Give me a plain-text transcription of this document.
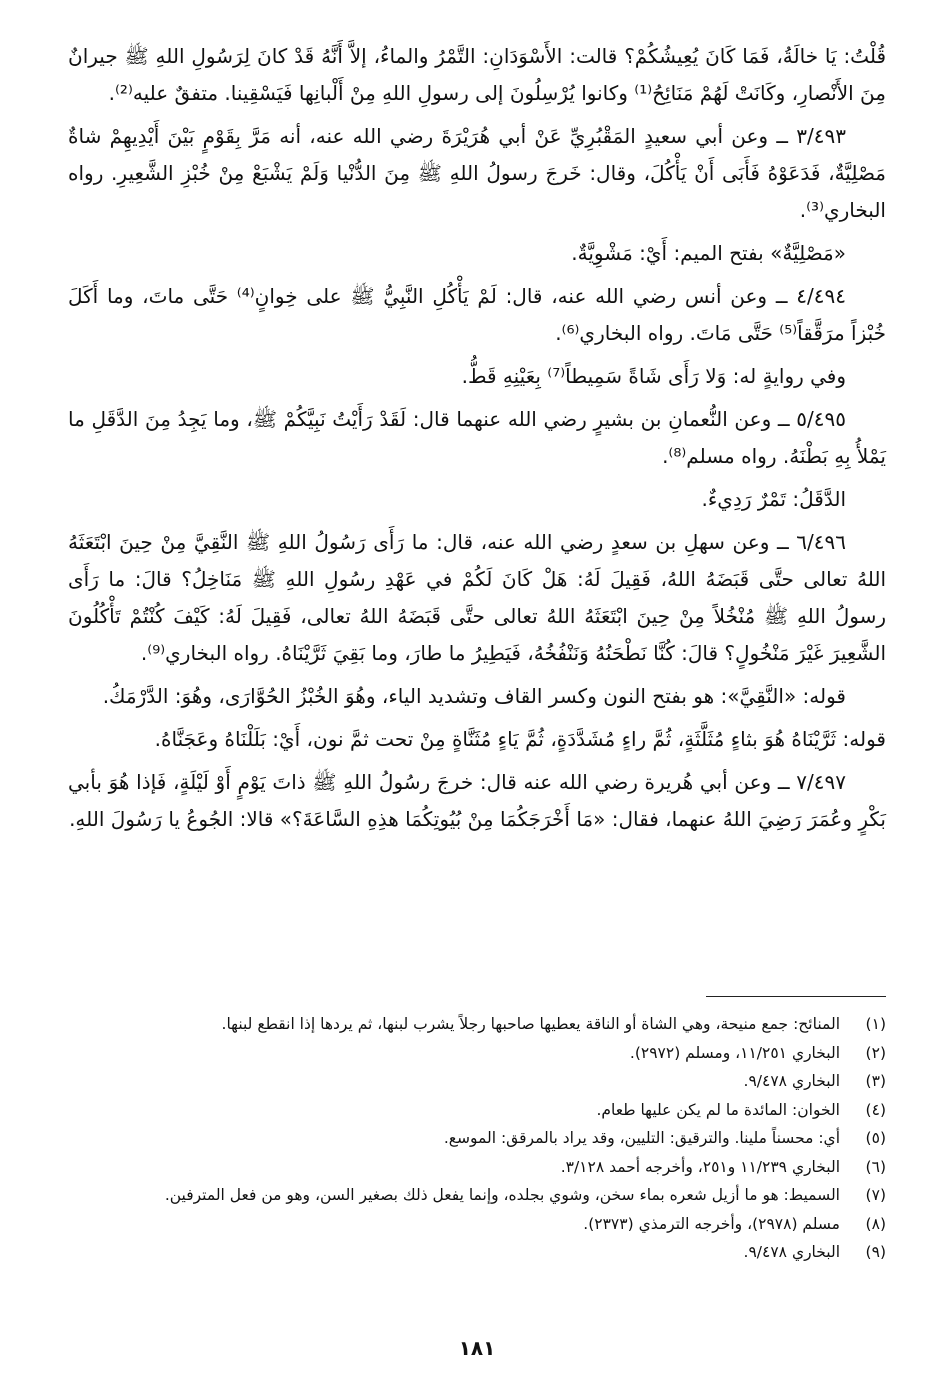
قُلْتُ: يَا خالَةُ، فَمَا كَانَ يُعِيشُكُمْ؟ قالت: الأَسْوَدَانِ: التَّمْرُ والماءُ، إلاَّ أَنَّهُ قَدْ كانَ لِرَسُولِ اللهِ ﷺ جيرانٌ مِنَ الأَنْصارِ، وكَانَتْ لَهُمْ مَنَائِحُ⁽¹⁾ وكانوا يُرْسِلُونَ إلى رسولِ اللهِ مِنْ أَلْبانِها فَيَسْقِينا. متفقٌ عليه⁽²⁾.

٣/٤٩٣ ــ وعن أبي سعيدٍ المَقْبُرِيِّ عَنْ أبي هُرَيْرَةَ رضي الله عنه، أنه مَرَّ بِقَوْمٍ بَيْنَ أَيْدِيهِمْ شاةٌ مَصْلِيَّةٌ، فَدَعَوْهُ فَأَبَى أَنْ يَأْكُلَ، وقال: خَرجَ رسولُ اللهِ ﷺ مِنَ الدُّنْيا وَلَمْ يَشْبَعْ مِنْ خُبْزِ الشَّعِيرِ. رواه البخاري⁽³⁾.

«مَصْلِيَّةٌ» بفتح الميم: أَيْ: مَشْوِيَّةٌ.

٤/٤٩٤ ــ وعن أنس رضي الله عنه، قال: لَمْ يَأْكُلِ النَّبِيُّ ﷺ على خِوانٍ⁽⁴⁾ حَتَّى ماتَ، وما أَكَلَ خُبْزاً مرَقَّقاً⁽⁵⁾ حَتَّى مَاتَ. رواه البخاري⁽⁶⁾.

وفي روايةٍ له: وَلا رَأَى شَاةً سَمِيطاً⁽⁷⁾ بِعَيْنِهِ قَطُّ.

٥/٤٩٥ ــ وعن النُّعمانِ بن بشيرٍ رضي الله عنهما قال: لَقَدْ رَأَيْتُ نَبِيَّكُمْ ﷺ، وما يَجِدُ مِنَ الدَّقَلِ ما يَمْلأُ بِهِ بَطْنَهُ. رواه مسلم⁽⁸⁾.

الدَّقَلُ: تَمْرٌ رَدِيءٌ.

٦/٤٩٦ ــ وعن سهلِ بن سعدٍ رضي الله عنه، قال: ما رَأَى رَسُولُ اللهِ ﷺ النَّقِيَّ مِنْ حِينَ ابْتَعَثَهُ اللهُ تعالى حتَّى قَبَضَهُ اللهُ، فَقِيلَ لَهُ: هَلْ كَانَ لَكُمْ في عَهْدِ رسُولِ اللهِ ﷺ مَنَاخِلُ؟ قالَ: ما رَأَى رسولُ اللهِ ﷺ مُنْخُلاً مِنْ حِينَ ابْتَعَثَهُ اللهُ تعالى حتَّى قَبَضَهُ اللهُ تعالى، فَقِيلَ لَهُ: كَيْفَ كُنْتُمْ تَأْكُلُونَ الشَّعِيرَ غَيْرَ مَنْخُولٍ؟ قالَ: كُنَّا نَطْحَنُهُ وَنَنْفُخُهُ، فَيَطِيرُ ما طارَ، وما بَقِيَ ثَرَّيْنَاهُ. رواه البخاري⁽⁹⁾.

قوله: «النَّقِيَّ»: هو بفتح النون وكسر القاف وتشديد الياء، وهُوَ الخُبْزُ الحُوَّارَى، وهُوَ: الدَّرْمَكُ.

قوله: ثَرَّيْنَاهُ هُوَ بثاءٍ مُثَلَّثَةٍ، ثُمَّ راءٍ مُشَدَّدَةٍ، ثُمَّ يَاءٍ مُثَنَّاةٍ مِنْ تحت ثمَّ نون، أَيْ: بَلَلْنَاهُ وعَجَنَّاهُ.

٧/٤٩٧ ــ وعن أبي هُريرة رضي الله عنه قال: خرجَ رسُولُ اللهِ ﷺ ذاتَ يَوْمٍ أَوْ لَيْلَةٍ، فَإذا هُوَ بأبي بَكْرٍ وعُمَرَ رَضِيَ اللهُ عنهما، فقال: «مَا أَخْرَجَكُمَا مِنْ بُيُوتِكُمَا هذِهِ السَّاعَةَ؟» قالا: الجُوعُ يا رَسُولَ اللهِ.

(١)
المنائح: جمع منيحة، وهي الشاة أو الناقة يعطيها صاحبها رجلاً يشرب لبنها، ثم يردها إذا انقطع لبنها.
(٢)
البخاري ١١/٢٥١، ومسلم (٢٩٧٢).
(٣)
البخاري ٩/٤٧٨.
(٤)
الخوان: المائدة ما لم يكن عليها طعام.
(٥)
أي: محسناً ملينا. والترقيق: التليين، وقد يراد بالمرقق: الموسع.
(٦)
البخاري ١١/٢٣٩ و٢٥١، وأخرجه أحمد ٣/١٢٨.
(٧)
السميط: هو ما أزيل شعره بماء سخن، وشوي بجلده، وإنما يفعل ذلك بصغير السن، وهو من فعل المترفين.
(٨)
مسلم (٢٩٧٨)، وأخرجه الترمذي (٢٣٧٣).
(٩)
البخاري ٩/٤٧٨.
١٨١
